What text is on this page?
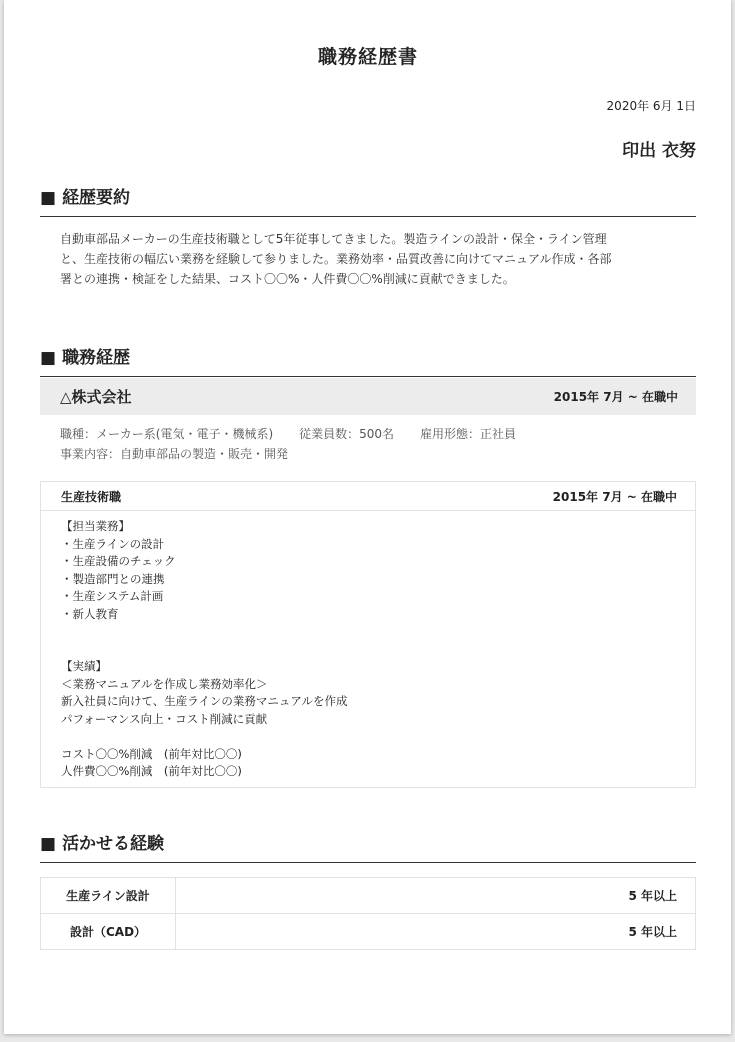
職務経歴書
2020年 6月 1日
印出 衣努
■ 経歴要約
自動車部品メーカーの生産技術職として5年従事してきました。製造ラインの設計・保全・ライン管理
と、生産技術の幅広い業務を経験して参りました。業務効率・品質改善に向けてマニュアル作成・各部
署との連携・検証をした結果、コスト〇〇%・人件費〇〇%削減に貢献できました。
■ 職務経歴
△株式会社	2015年 7月 ~ 在職中
職種：メーカー系(電気・電子・機械系) 従業員数：500名 雇用形態：正社員
事業内容：自動車部品の製造・販売・開発
生産技術職	2015年 7月 ~ 在職中
【担当業務】
・生産ラインの設計
・生産設備のチェック
・製造部門との連携
・生産システム計画
・新人教育
【実績】
＜業務マニュアルを作成し業務効率化＞
新入社員に向けて、生産ラインの業務マニュアルを作成
パフォーマンス向上・コスト削減に貢献
コスト〇〇%削減　(前年対比〇〇)
人件費〇〇%削減　(前年対比〇〇)
■ 活かせる経験
生産ライン設計	5 年以上
設計（CAD）	5 年以上
